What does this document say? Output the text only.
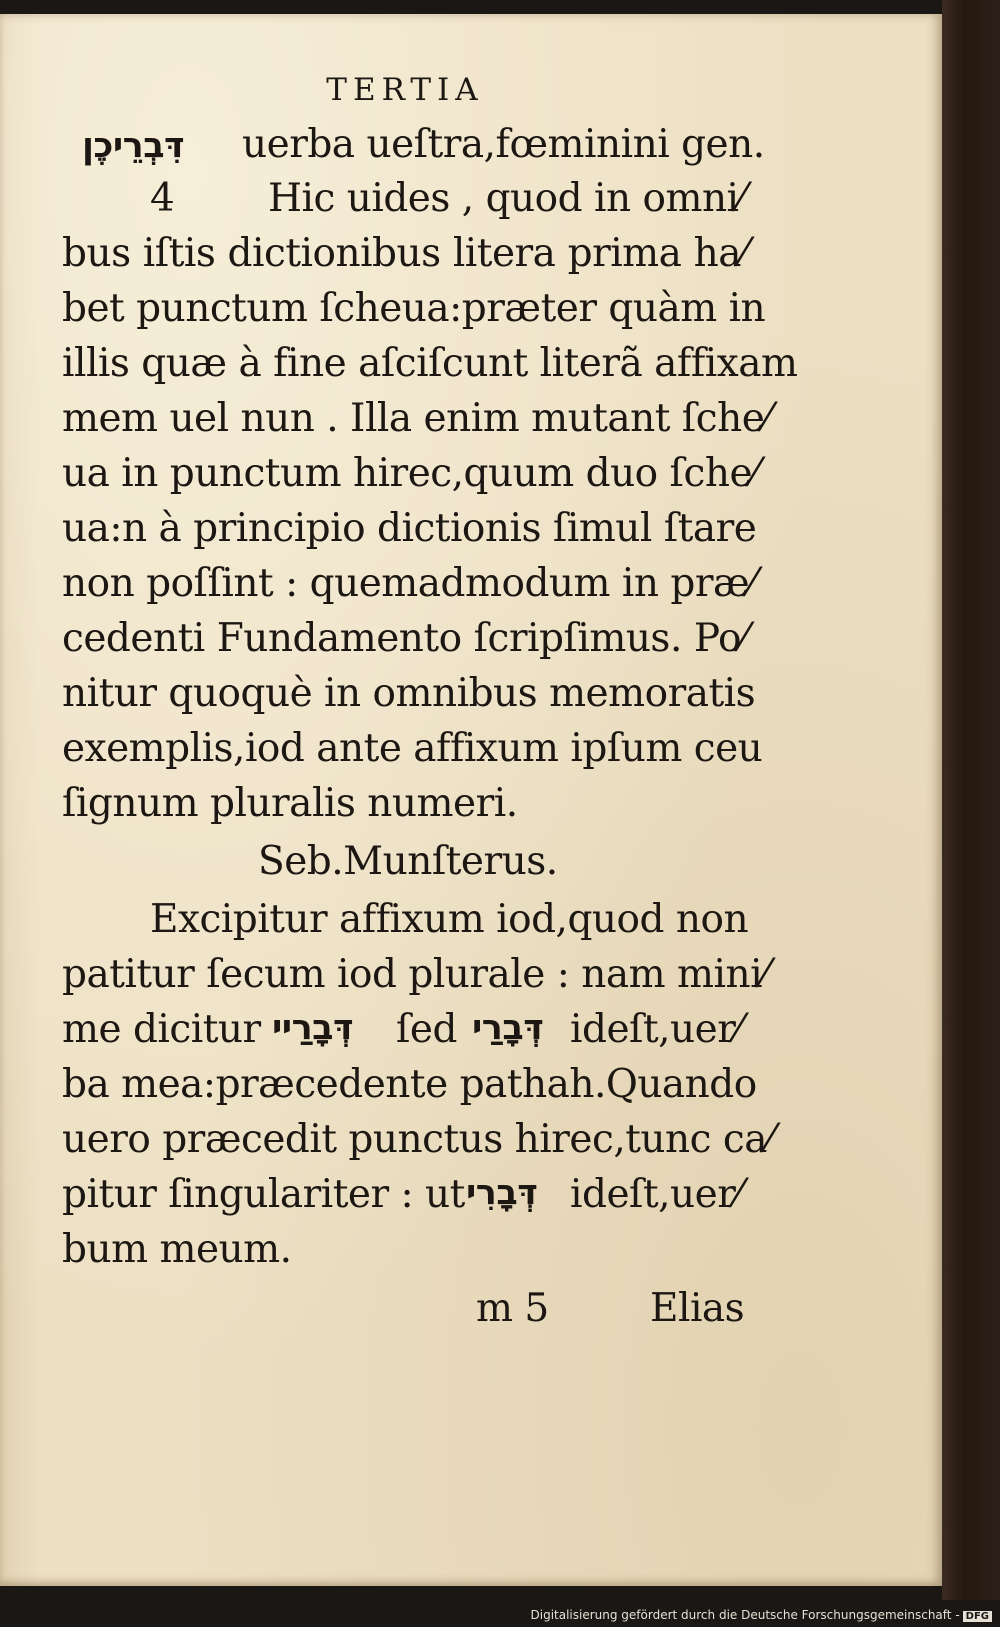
TERTIA
דִּבְרֵיכֶן uerba ueſtra,fœminini gen.
4 Hic uides , quod in omni⁄
bus iſtis dictionibus litera prima ha⁄
bet punctum ſcheua:præter quàm in
illis quæ à fine aſciſcunt literã affixam
mem uel nun . Illa enim mutant ſche⁄
ua in punctum hirec,quum duo ſche⁄
ua:n à principio dictionis ſimul ſtare
non poſſint : quemadmodum in præ⁄
cedenti Fundamento ſcripſimus. Po⁄
nitur quoquè in omnibus memoratis
exemplis,iod ante affixum ipſum ceu
ſignum pluralis numeri.
Seb.Munſterus.
Excipitur affixum iod,quod non
patitur ſecum iod plurale : nam mini⁄
me dicitur דְּבָרַיי ſed דְּבָרַי ideſt,uer⁄
ba mea:præcedente pathah.Quando
uero præcedit punctus hirec,tunc ca⁄
pitur ſingulariter : ut דְּבָרִי ideſt,uer⁄
bum meum.
m 5	Elias
Digitalisierung gefördert durch die Deutsche Forschungsgemeinschaft - DFG
